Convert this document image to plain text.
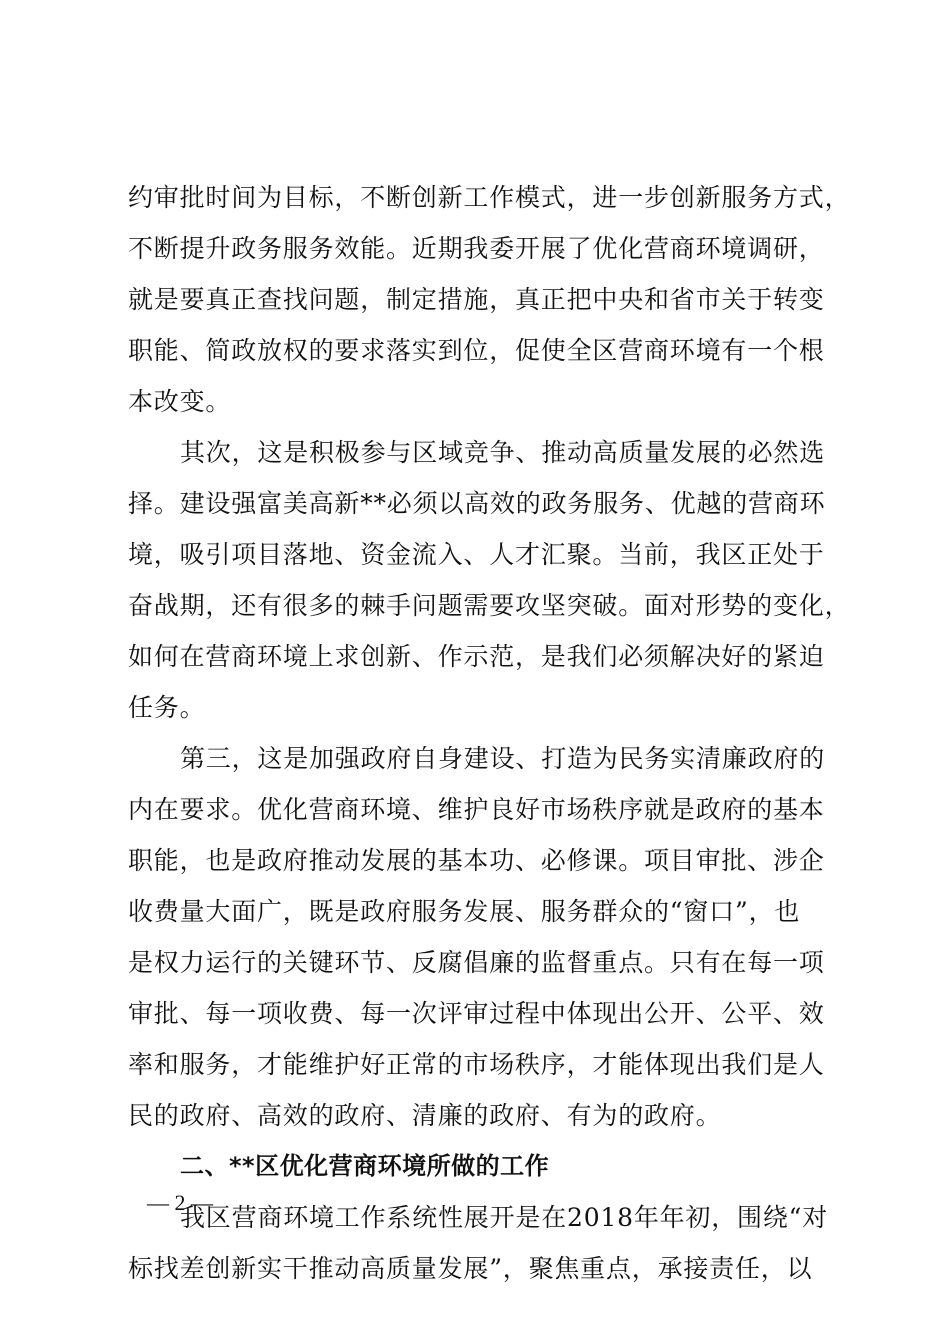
约审批时间为目标，不断创新工作模式，进一步创新服务方式，
不断提升政务服务效能。近期我委开展了优化营商环境调研，
就是要真正查找问题，制定措施，真正把中央和省市关于转变
职能、简政放权的要求落实到位，促使全区营商环境有一个根
本改变。
其次，这是积极参与区域竞争、推动高质量发展的必然选
择。建设强富美高新**必须以高效的政务服务、优越的营商环
境，吸引项目落地、资金流入、人才汇聚。当前，我区正处于
奋战期，还有很多的棘手问题需要攻坚突破。面对形势的变化，
如何在营商环境上求创新、作示范，是我们必须解决好的紧迫
任务。
第三，这是加强政府自身建设、打造为民务实清廉政府的
内在要求。优化营商环境、维护良好市场秩序就是政府的基本
职能，也是政府推动发展的基本功、必修课。项目审批、涉企
收费量大面广，既是政府服务发展、服务群众的“窗口”，也
是权力运行的关键环节、反腐倡廉的监督重点。只有在每一项
审批、每一项收费、每一次评审过程中体现出公开、公平、效
率和服务，才能维护好正常的市场秩序，才能体现出我们是人
民的政府、高效的政府、清廉的政府、有为的政府。
二、**区优化营商环境所做的工作
我区营商环境工作系统性展开是在2018年年初，围绕“对
标找差创新实干推动高质量发展”，聚焦重点，承接责任，以
— 2 —
